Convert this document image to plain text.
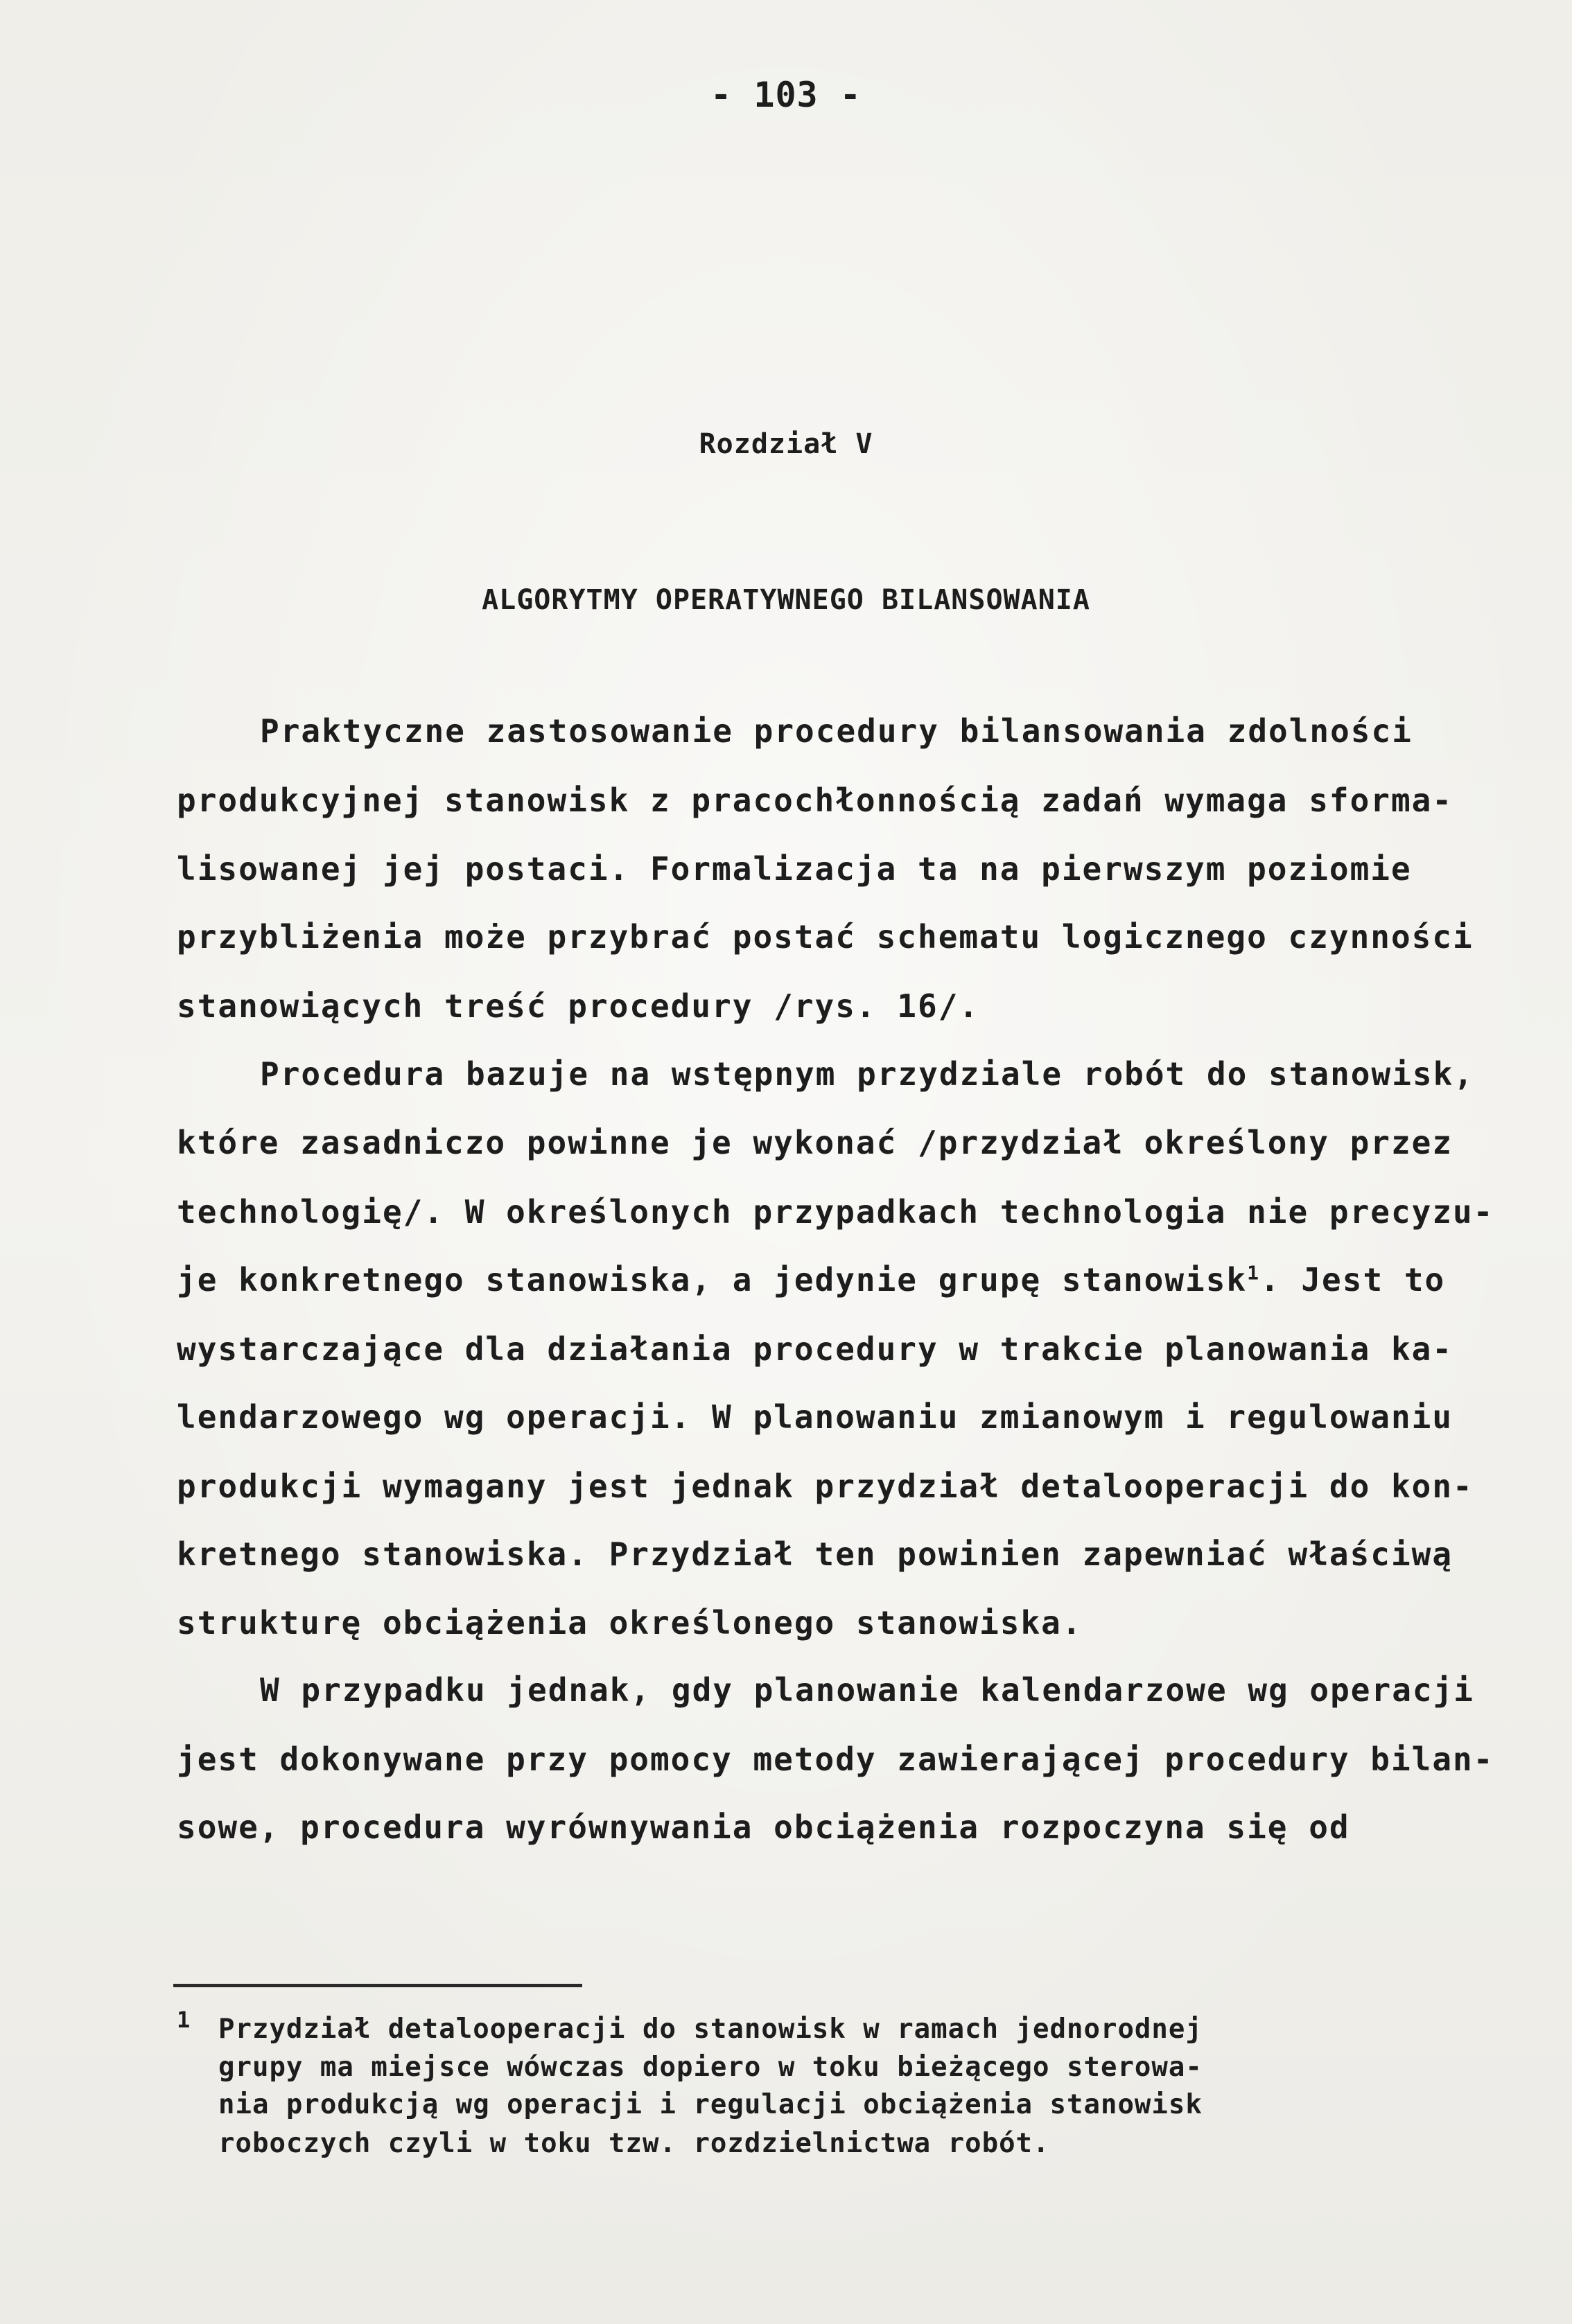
- 103 -
Rozdział V
ALGORYTMY OPERATYWNEGO BILANSOWANIA
Praktyczne zastosowanie procedury bilansowania zdolności
produkcyjnej stanowisk z pracochłonnością zadań wymaga sforma-
lisowanej jej postaci. Formalizacja ta na pierwszym poziomie
przybliżenia może przybrać postać schematu logicznego czynności
stanowiących treść procedury /rys. 16/.
Procedura bazuje na wstępnym przydziale robót do stanowisk,
które zasadniczo powinne je wykonać /przydział określony przez
technologię/. W określonych przypadkach technologia nie precyzu-
je konkretnego stanowiska, a jedynie grupę stanowisk$^1$. Jest to
wystarczające dla działania procedury w trakcie planowania ka-
lendarzowego wg operacji. W planowaniu zmianowym i regulowaniu
produkcji wymagany jest jednak przydział detalooperacji do kon-
kretnego stanowiska. Przydział ten powinien zapewniać właściwą
strukturę obciążenia określonego stanowiska.
W przypadku jednak, gdy planowanie kalendarzowe wg operacji
jest dokonywane przy pomocy metody zawierającej procedury bilan-
sowe, procedura wyrównywania obciążenia rozpoczyna się od
1 Przydział detalooperacji do stanowisk w ramach jednorodnej
grupy ma miejsce wówczas dopiero w toku bieżącego sterowa-
nia produkcją wg operacji i regulacji obciążenia stanowisk
roboczych czyli w toku tzw. rozdzielnictwa robót.
